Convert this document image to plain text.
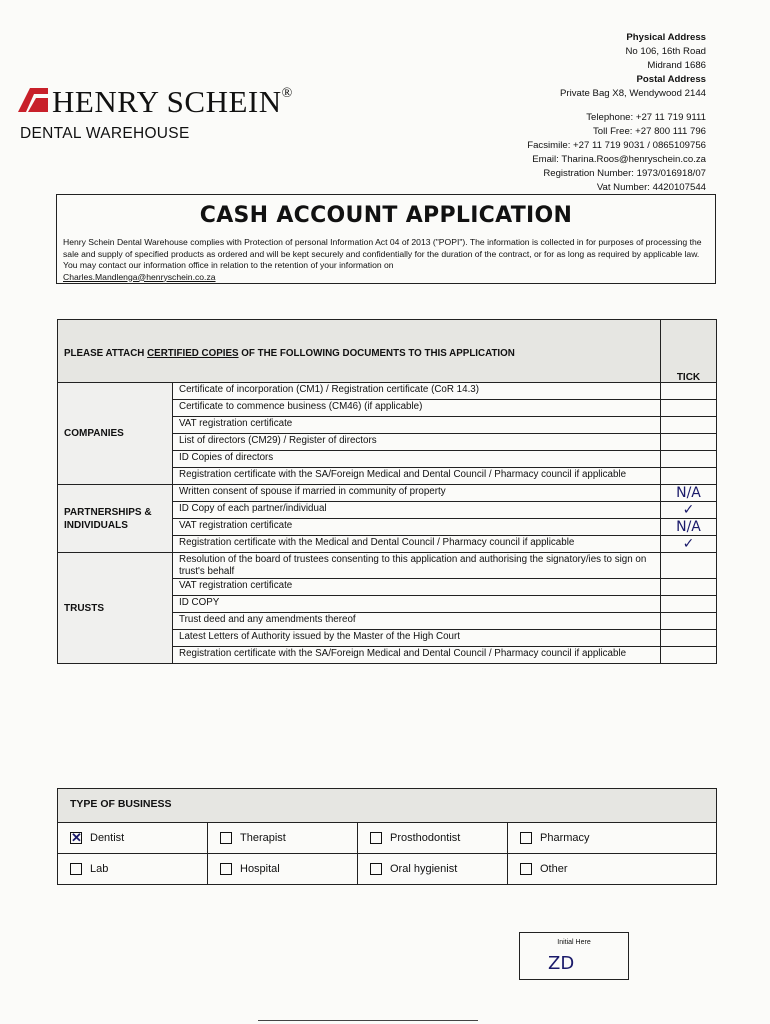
HENRY SCHEIN®
DENTAL WAREHOUSE
Physical Address
No 106, 16th Road
Midrand 1686
Postal Address
Private Bag X8, Wendywood 2144
Telephone: +27 11 719 9111
Toll Free: +27 800 111 796
Facsimile: +27 11 719 9031 / 0865109756
Email: Tharina.Roos@henryschein.co.za
Registration Number: 1973/016918/07
Vat Number: 4420107544
CASH ACCOUNT APPLICATION
Henry Schein Dental Warehouse complies with Protection of personal Information Act 04 of 2013 ("POPI"). The information is collected in for purposes of processing the sale and supply of specified products as ordered and will be kept securely and confidentially for the duration of the contract, or for as long as required by applicable law. You may contact our information office in relation to the retention of your information on
Charles.Mandlenga@henryschein.co.za
PLEASE ATTACH CERTIFIED COPIES OF THE FOLLOWING DOCUMENTS TO THIS APPLICATION
TICK
COMPANIES
Certificate of incorporation (CM1) / Registration certificate (CoR 14.3)
Certificate to commence business (CM46) (if applicable)
VAT registration certificate
List of directors (CM29) / Register of directors
ID Copies of directors
Registration certificate with the SA/Foreign Medical and Dental Council / Pharmacy council if applicable
PARTNERSHIPS & INDIVIDUALS
Written consent of spouse if married in community of property	N/A
ID Copy of each partner/individual	✓
VAT registration certificate	N/A
Registration certificate with the Medical and Dental Council / Pharmacy council if applicable	✓
TRUSTS
Resolution of the board of trustees consenting to this application and authorising the signatory/ies to sign on trust's behalf
VAT registration certificate
ID COPY
Trust deed and any amendments thereof
Latest Letters of Authority issued by the Master of the High Court
Registration certificate with the SA/Foreign Medical and Dental Council / Pharmacy council if applicable
TYPE OF BUSINESS
✕ Dentist	Therapist	Prosthodontist	Pharmacy
Lab	Hospital	Oral hygienist	Other
Initial Here
ZD
